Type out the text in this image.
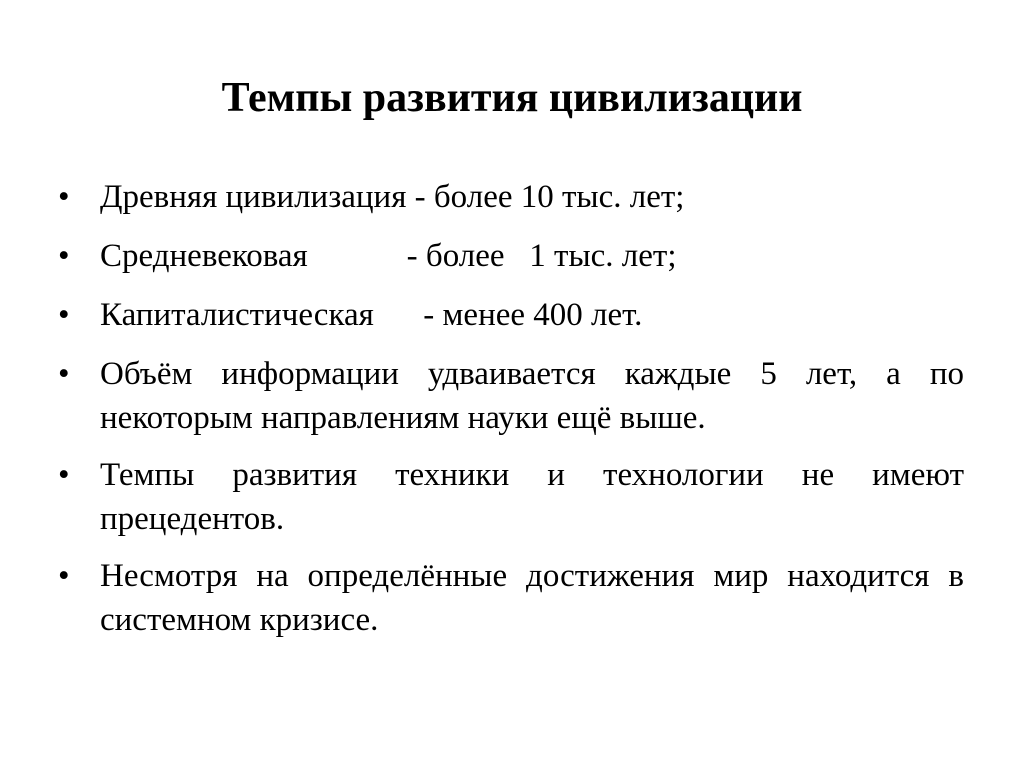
Темпы развития цивилизации
• Древняя цивилизация - более 10 тыс. лет;
• Средневековая            - более   1 тыс. лет;
• Капиталистическая      - менее 400 лет.
• Объём информации удваивается каждые 5 лет, а по некоторым направлениям науки ещё выше.
• Темпы развития техники и технологии не имеют прецедентов.
• Несмотря на определённые достижения мир находится в системном кризисе.
